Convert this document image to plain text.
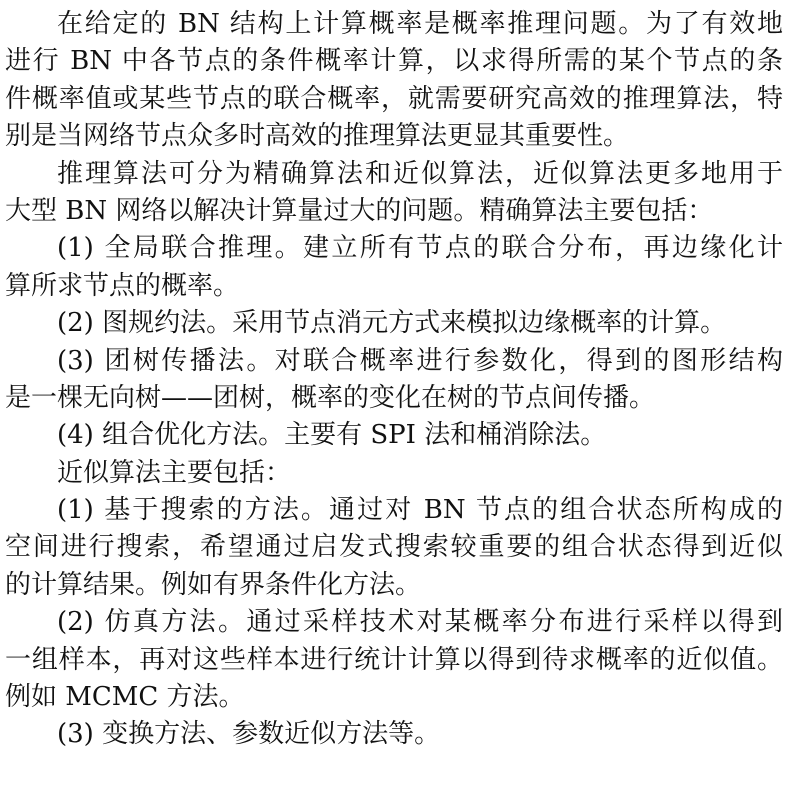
在给定的 BN 结构上计算概率是概率推理问题。为了有效地
进行 BN 中各节点的条件概率计算，以求得所需的某个节点的条
件概率值或某些节点的联合概率，就需要研究高效的推理算法，特
别是当网络节点众多时高效的推理算法更显其重要性。
推理算法可分为精确算法和近似算法，近似算法更多地用于
大型 BN 网络以解决计算量过大的问题。精确算法主要包括：
(1) 全局联合推理。建立所有节点的联合分布，再边缘化计
算所求节点的概率。
(2) 图规约法。采用节点消元方式来模拟边缘概率的计算。
(3) 团树传播法。对联合概率进行参数化，得到的图形结构
是一棵无向树——团树，概率的变化在树的节点间传播。
(4) 组合优化方法。主要有 SPI 法和桶消除法。
近似算法主要包括：
(1) 基于搜索的方法。通过对 BN 节点的组合状态所构成的
空间进行搜索，希望通过启发式搜索较重要的组合状态得到近似
的计算结果。例如有界条件化方法。
(2) 仿真方法。通过采样技术对某概率分布进行采样以得到
一组样本，再对这些样本进行统计计算以得到待求概率的近似值。
例如 MCMC 方法。
(3) 变换方法、参数近似方法等。
